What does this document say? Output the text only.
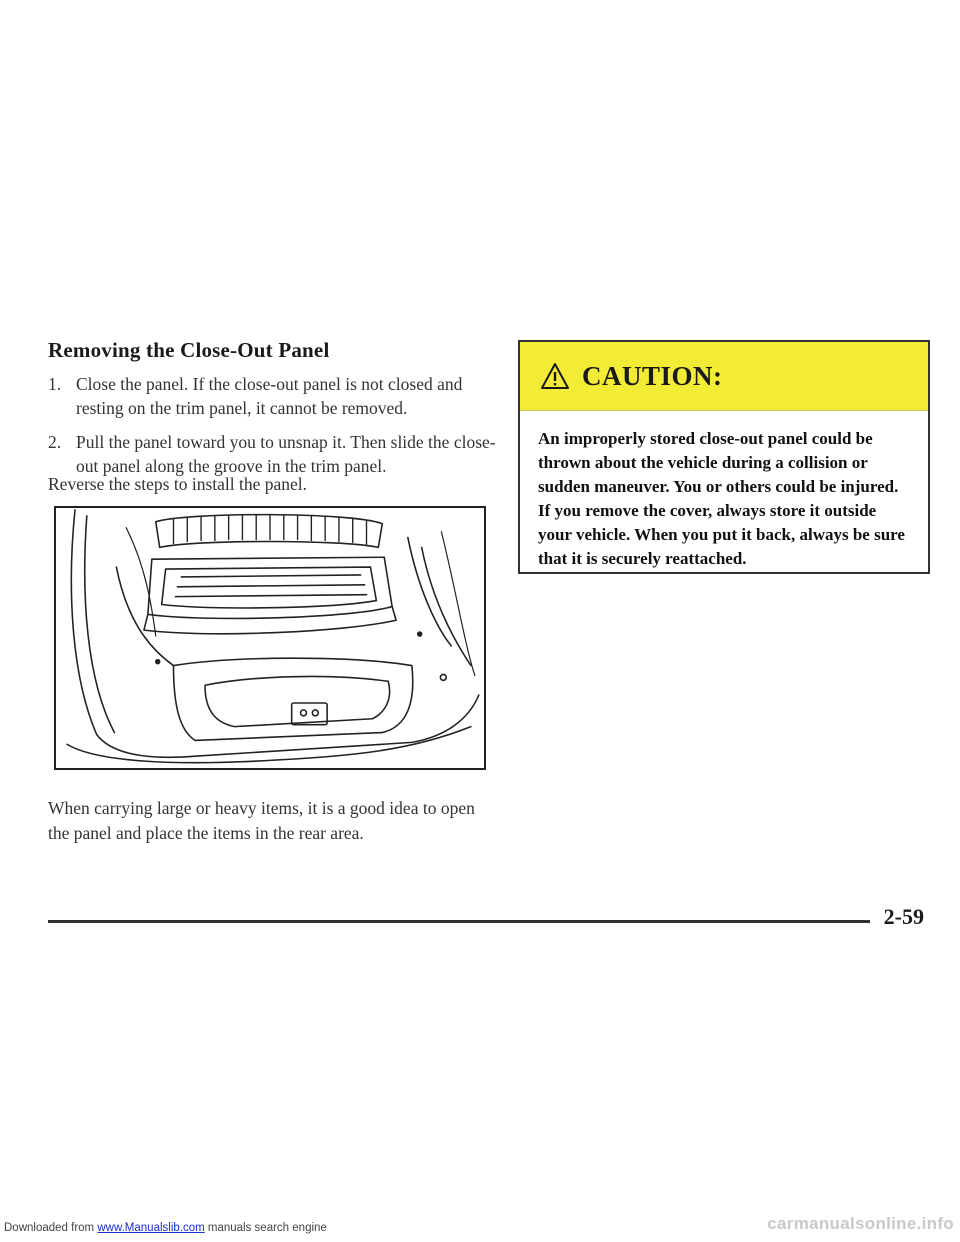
Removing the Close-Out Panel
1. Close the panel. If the close-out panel is not closed and resting on the trim panel, it cannot be removed.
2. Pull the panel toward you to unsnap it. Then slide the close-out panel along the groove in the trim panel.
Reverse the steps to install the panel.
When carrying large or heavy items, it is a good idea to open the panel and place the items in the rear area.
CAUTION:
An improperly stored close-out panel could be thrown about the vehicle during a collision or sudden maneuver. You or others could be injured. If you remove the cover, always store it outside your vehicle. When you put it back, always be sure that it is securely reattached.
2-59
Downloaded from www.Manualslib.com manuals search engine	carmanualsonline.info
